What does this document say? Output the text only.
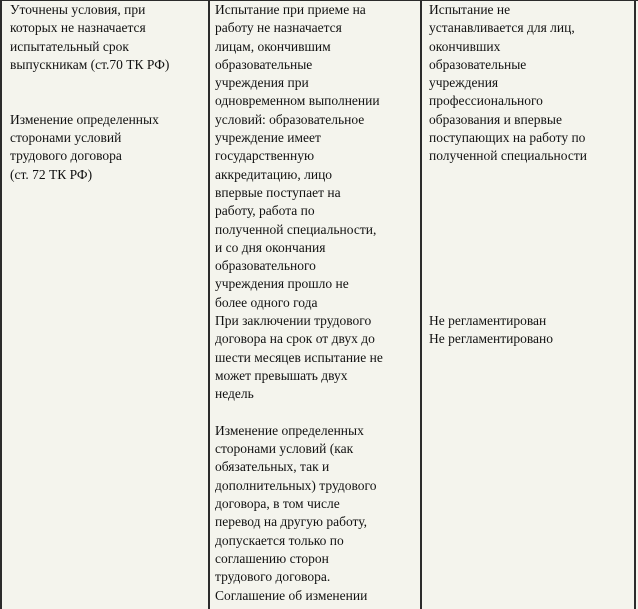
Уточнены условия, при
которых не назначается
испытательный срок
выпускникам (ст.70 ТК РФ)

Изменение определенных
сторонами условий
трудового договора
(ст. 72 ТК РФ)

Испытание при приеме на
работу не назначается
лицам, окончившим
образовательные
учреждения при
одновременном выполнении
условий: образовательное
учреждение имеет
государственную
аккредитацию, лицо
впервые поступает на
работу, работа по
полученной специальности,
и со дня окончания
образовательного
учреждения прошло не
более одного года

При заключении трудового
договора на срок от двух до
шести месяцев испытание не
может превышать двух
недель

Изменение определенных
сторонами условий (как
обязательных, так и
дополнительных) трудового
договора, в том числе
перевод на другую работу,
допускается только по
соглашению сторон
трудового договора.
Соглашение об изменении

Испытание не
устанавливается для лиц,
окончивших
образовательные
учреждения
профессионального
образования и впервые
поступающих на работу по
полученной специальности

Не регламентирован

Не регламентировано
